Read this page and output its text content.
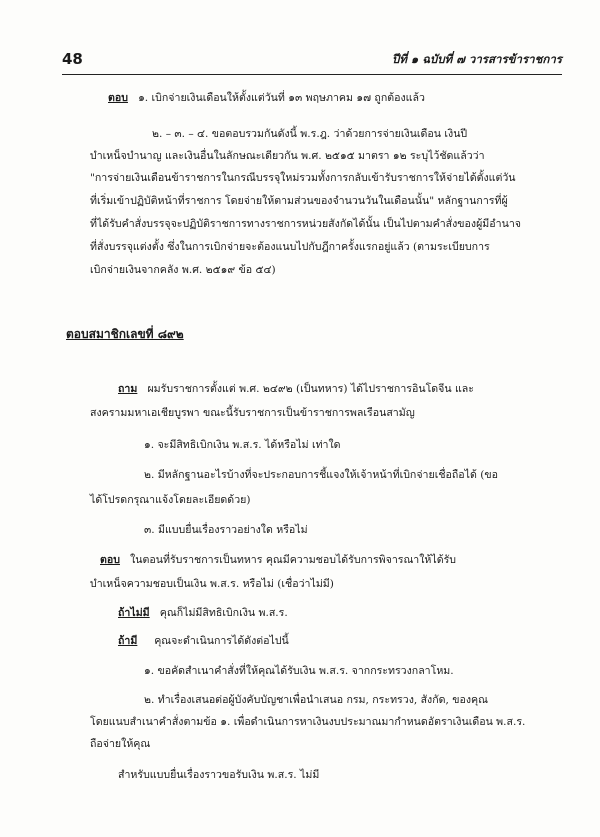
48	ปีที่ ๑ ฉบับที่ ๗ วารสารข้าราชการ
ตอบ ๑. เบิกจ่ายเงินเดือนให้ตั้งแต่วันที่ ๑๓ พฤษภาคม ๑๗ ถูกต้องแล้ว
๒. – ๓. – ๔. ขอตอบรวมกันดังนี้ พ.ร.ฎ. ว่าด้วยการจ่ายเงินเดือน เงินปี
บำเหน็จบำนาญ และเงินอื่นในลักษณะเดียวกัน พ.ศ. ๒๕๑๕ มาตรา ๑๒ ระบุไว้ชัดแล้วว่า
"การจ่ายเงินเดือนข้าราชการในกรณีบรรจุใหม่รวมทั้งการกลับเข้ารับราชการให้จ่ายได้ตั้งแต่วัน
ที่เริ่มเข้าปฏิบัติหน้าที่ราชการ โดยจ่ายให้ตามส่วนของจำนวนวันในเดือนนั้น" หลักฐานการที่ผู้
ที่ได้รับคำสั่งบรรจุจะปฏิบัติราชการทางราชการหน่วยสังกัดได้นั้น เป็นไปตามคำสั่งของผู้มีอำนาจ
ที่สั่งบรรจุแต่งตั้ง ซึ่งในการเบิกจ่ายจะต้องแนบไปกับฎีกาครั้งแรกอยู่แล้ว (ตามระเบียบการ
เบิกจ่ายเงินจากคลัง พ.ศ. ๒๕๑๙ ข้อ ๕๔)
ตอบสมาชิกเลขที่ ๘๙๒
ถาม ผมรับราชการตั้งแต่ พ.ศ. ๒๔๙๒ (เป็นทหาร) ได้ไปราชการอินโดจีน และ
สงครามมหาเอเชียบูรพา ขณะนี้รับราชการเป็นข้าราชการพลเรือนสามัญ
๑. จะมีสิทธิเบิกเงิน พ.ส.ร. ได้หรือไม่ เท่าใด
๒. มีหลักฐานอะไรบ้างที่จะประกอบการชี้แจงให้เจ้าหน้าที่เบิกจ่ายเชื่อถือได้ (ขอ
ได้โปรดกรุณาแจ้งโดยละเอียดด้วย)
๓. มีแบบยื่นเรื่องราวอย่างใด หรือไม่
ตอบ ในตอนที่รับราชการเป็นทหาร คุณมีความชอบได้รับการพิจารณาให้ได้รับ
บำเหน็จความชอบเป็นเงิน พ.ส.ร. หรือไม่ (เชื่อว่าไม่มี)
ถ้าไม่มี คุณก็ไม่มีสิทธิเบิกเงิน พ.ส.ร.
ถ้ามี คุณจะดำเนินการได้ดังต่อไปนี้
๑. ขอคัดสำเนาคำสั่งที่ให้คุณได้รับเงิน พ.ส.ร. จากกระทรวงกลาโหม.
๒. ทำเรื่องเสนอต่อผู้บังคับบัญชาเพื่อนำเสนอ กรม, กระทรวง, สังกัด, ของคุณ
โดยแนบสำเนาคำสั่งตามข้อ ๑. เพื่อดำเนินการหาเงินงบประมาณมากำหนดอัตราเงินเดือน พ.ส.ร.
ถือจ่ายให้คุณ
สำหรับแบบยื่นเรื่องราวขอรับเงิน พ.ส.ร. ไม่มี
